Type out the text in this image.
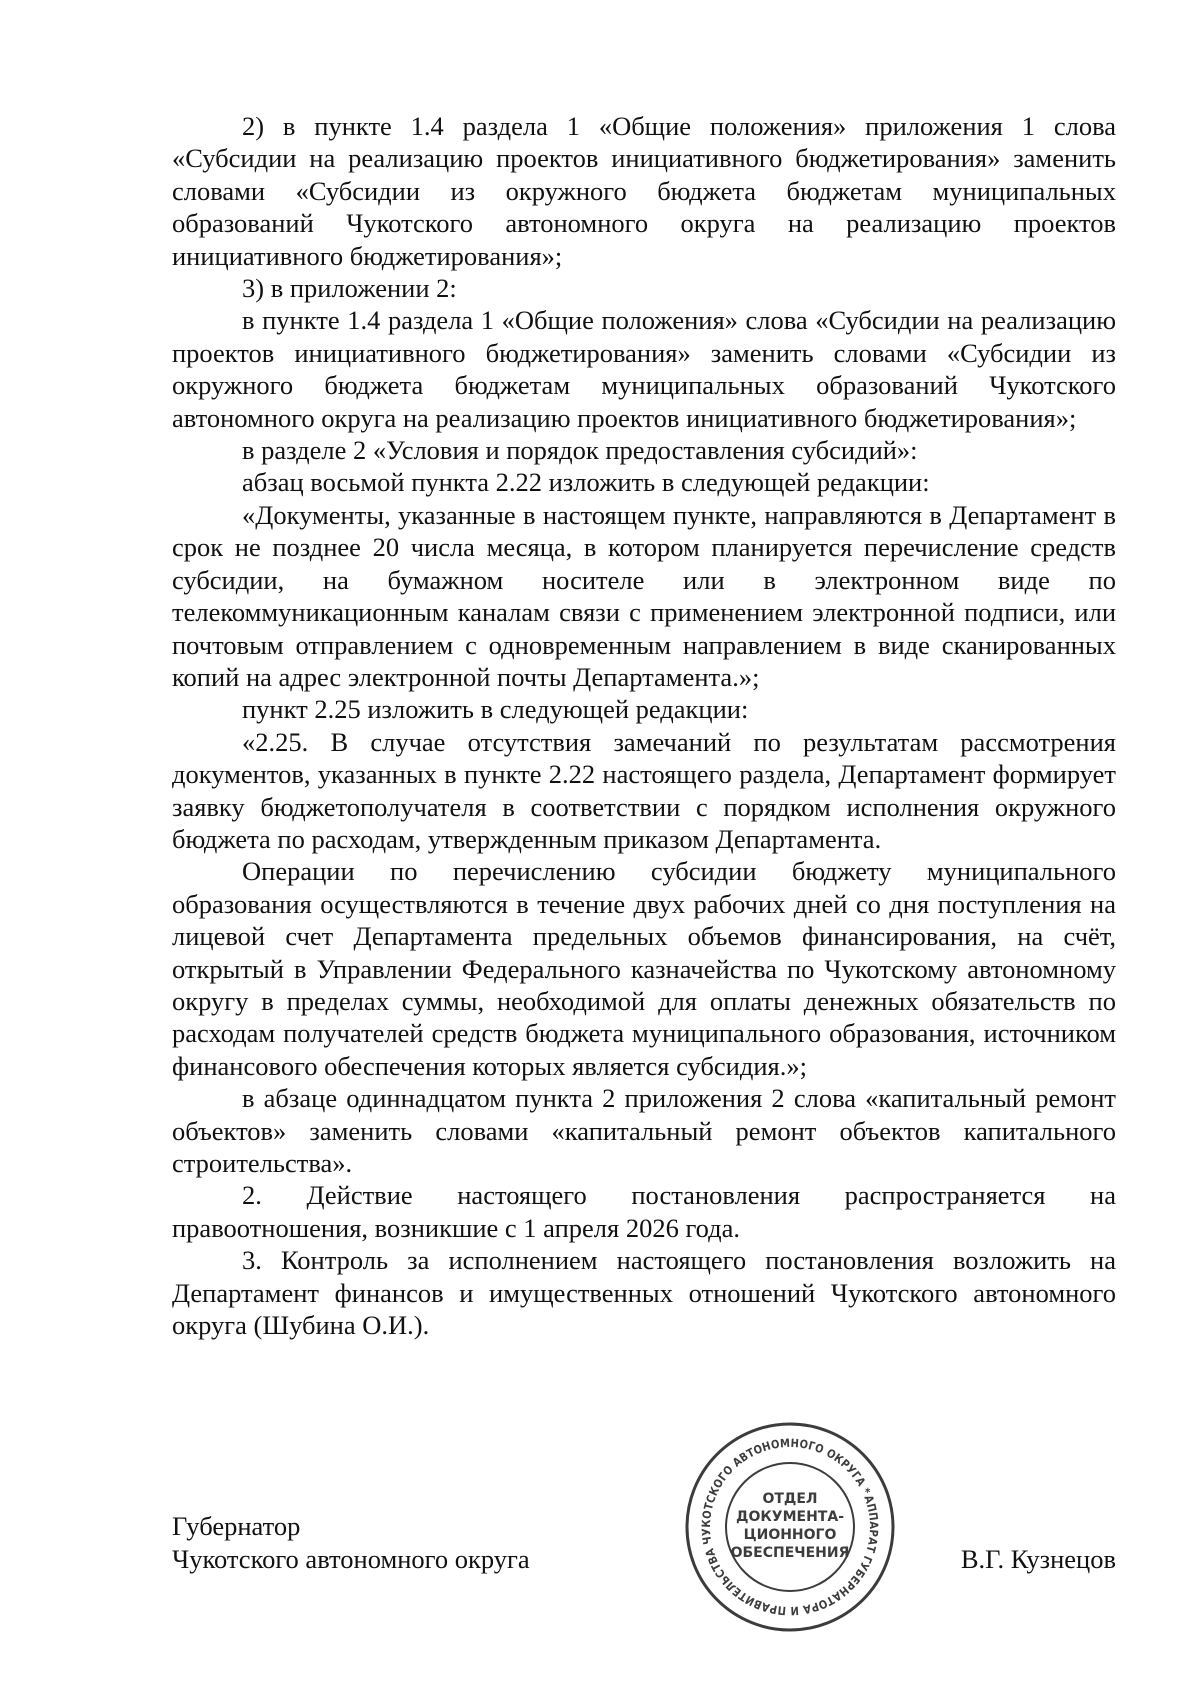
2) в пункте 1.4 раздела 1 «Общие положения» приложения 1 слова «Субсидии на реализацию проектов инициативного бюджетирования» заменить словами «Субсидии из окружного бюджета бюджетам муниципальных образований Чукотского автономного округа на реализацию проектов инициативного бюджетирования»;

3) в приложении 2:

в пункте 1.4 раздела 1 «Общие положения» слова «Субсидии на реализацию проектов инициативного бюджетирования» заменить словами «Субсидии из окружного бюджета бюджетам муниципальных образований Чукотского автономного округа на реализацию проектов инициативного бюджетирования»;

в разделе 2 «Условия и порядок предоставления субсидий»:

абзац восьмой пункта 2.22 изложить в следующей редакции:

«Документы, указанные в настоящем пункте, направляются в Департамент в срок не позднее 20 числа месяца, в котором планируется перечисление средств субсидии, на бумажном носителе или в электронном виде по телекоммуникационным каналам связи с применением электронной подписи, или почтовым отправлением с одновременным направлением в виде сканированных копий на адрес электронной почты Департамента.»;

пункт 2.25 изложить в следующей редакции:

«2.25. В случае отсутствия замечаний по результатам рассмотрения документов, указанных в пункте 2.22 настоящего раздела, Департамент формирует заявку бюджетополучателя в соответствии с порядком исполнения окружного бюджета по расходам, утвержденным приказом Департамента.

Операции по перечислению субсидии бюджету муниципального образования осуществляются в течение двух рабочих дней со дня поступления на лицевой счет Департамента предельных объемов финансирования, на счёт, открытый в Управлении Федерального казначейства по Чукотскому автономному округу в пределах суммы, необходимой для оплаты денежных обязательств по расходам получателей средств бюджета муниципального образования, источником финансового обеспечения которых является субсидия.»;

в абзаце одиннадцатом пункта 2 приложения 2 слова «капитальный ремонт объектов» заменить словами «капитальный ремонт объектов капитального строительства».

2. Действие настоящего постановления распространяется на правоотношения, возникшие с 1 апреля 2026 года.

3. Контроль за исполнением настоящего постановления возложить на Департамент финансов и имущественных отношений Чукотского автономного округа (Шубина О.И.).

Губернатор
Чукотского автономного округа	В.Г. Кузнецов
АППАРАТ ГУБЕРНАТОРА И ПРАВИТЕЛЬСТВА ЧУКОТСКОГО АВТОНОМНОГО ОКРУГА *
ОТДЕЛ
ДОКУМЕНТА-
ЦИОННОГО
ОБЕСПЕЧЕНИЯ
